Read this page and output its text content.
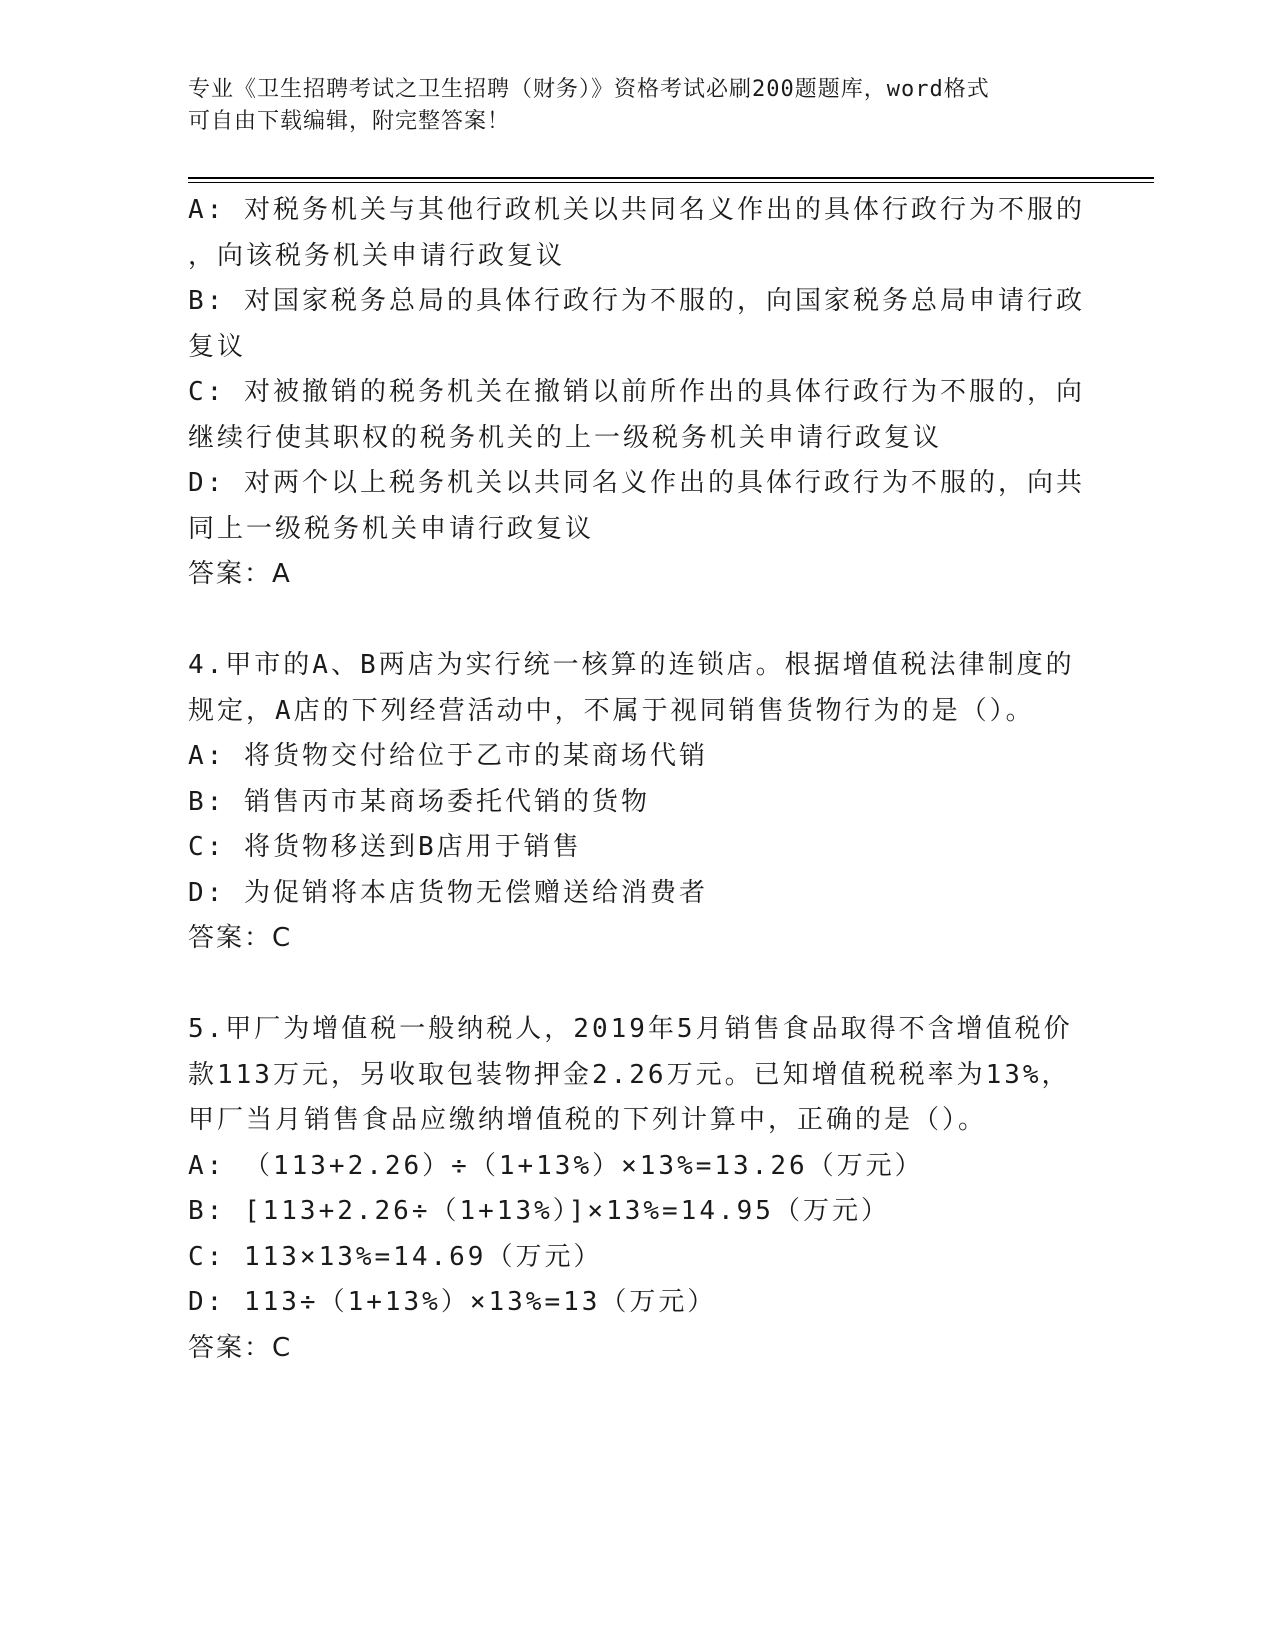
专业《卫生招聘考试之卫生招聘（财务）》资格考试必刷200题题库，word格式
可自由下载编辑，附完整答案！
A: 对税务机关与其他行政机关以共同名义作出的具体行政行为不服的
，向该税务机关申请行政复议
B: 对国家税务总局的具体行政行为不服的，向国家税务总局申请行政
复议
C: 对被撤销的税务机关在撤销以前所作出的具体行政行为不服的，向
继续行使其职权的税务机关的上一级税务机关申请行政复议
D: 对两个以上税务机关以共同名义作出的具体行政行为不服的，向共
同上一级税务机关申请行政复议
答案：A
4.甲市的A、B两店为实行统一核算的连锁店。根据增值税法律制度的
规定，A店的下列经营活动中，不属于视同销售货物行为的是（）。
A: 将货物交付给位于乙市的某商场代销
B: 销售丙市某商场委托代销的货物
C: 将货物移送到B店用于销售
D: 为促销将本店货物无偿赠送给消费者
答案：C
5.甲厂为增值税一般纳税人，2019年5月销售食品取得不含增值税价
款113万元，另收取包装物押金2.26万元。已知增值税税率为13%，
甲厂当月销售食品应缴纳增值税的下列计算中，正确的是（）。
A: （113+2.26）÷（1+13%）×13%=13.26（万元）
B: [113+2.26÷（1+13%）]×13%=14.95（万元）
C: 113×13%=14.69（万元）
D: 113÷（1+13%）×13%=13（万元）
答案：C
